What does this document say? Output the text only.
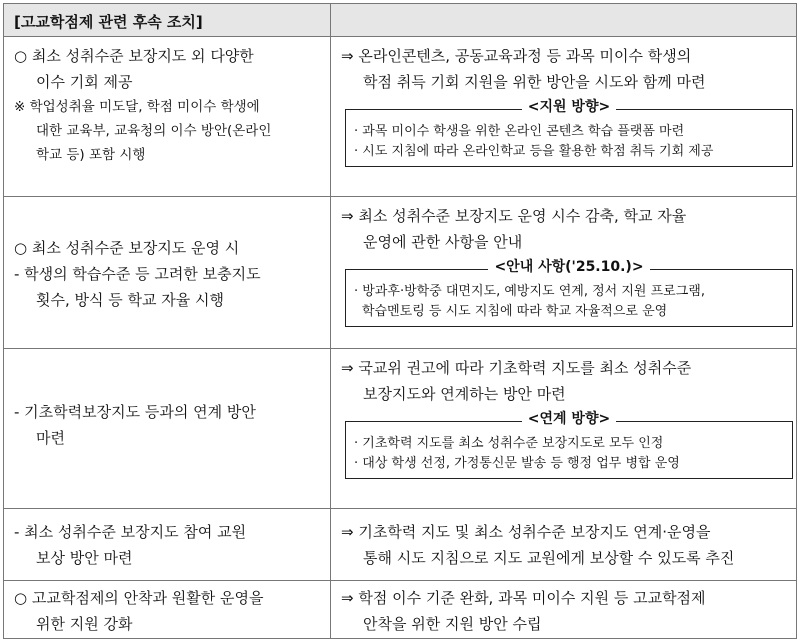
[고교학점제 관련 후속 조치]
○ 최소 성취수준 보장지도 외 다양한
이수 기회 제공
※ 학업성취율 미도달, 학점 미이수 학생에
대한 교육부, 교육청의 이수 방안(온라인
학교 등) 포함 시행
⇒ 온라인콘텐츠, 공동교육과정 등 과목 미이수 학생의
학점 취득 기회 지원을 위한 방안을 시도와 함께 마련
<지원 방향>
· 과목 미이수 학생을 위한 온라인 콘텐츠 학습 플랫폼 마련
· 시도 지침에 따라 온라인학교 등을 활용한 학점 취득 기회 제공
○ 최소 성취수준 보장지도 운영 시
- 학생의 학습수준 등 고려한 보충지도
횟수, 방식 등 학교 자율 시행
⇒ 최소 성취수준 보장지도 운영 시수 감축, 학교 자율
운영에 관한 사항을 안내
<안내 사항('25.10.)>
· 방과후·방학중 대면지도, 예방지도 연계, 정서 지원 프로그램,
학습멘토링 등 시도 지침에 따라 학교 자율적으로 운영
- 기초학력보장지도 등과의 연계 방안
마련
⇒ 국교위 권고에 따라 기초학력 지도를 최소 성취수준
보장지도와 연계하는 방안 마련
<연계 방향>
· 기초학력 지도를 최소 성취수준 보장지도로 모두 인정
· 대상 학생 선정, 가정통신문 발송 등 행정 업무 병합 운영
- 최소 성취수준 보장지도 참여 교원
보상 방안 마련
⇒ 기초학력 지도 및 최소 성취수준 보장지도 연계·운영을
통해 시도 지침으로 지도 교원에게 보상할 수 있도록 추진
○ 고교학점제의 안착과 원활한 운영을
위한 지원 강화
⇒ 학점 이수 기준 완화, 과목 미이수 지원 등 고교학점제
안착을 위한 지원 방안 수립
